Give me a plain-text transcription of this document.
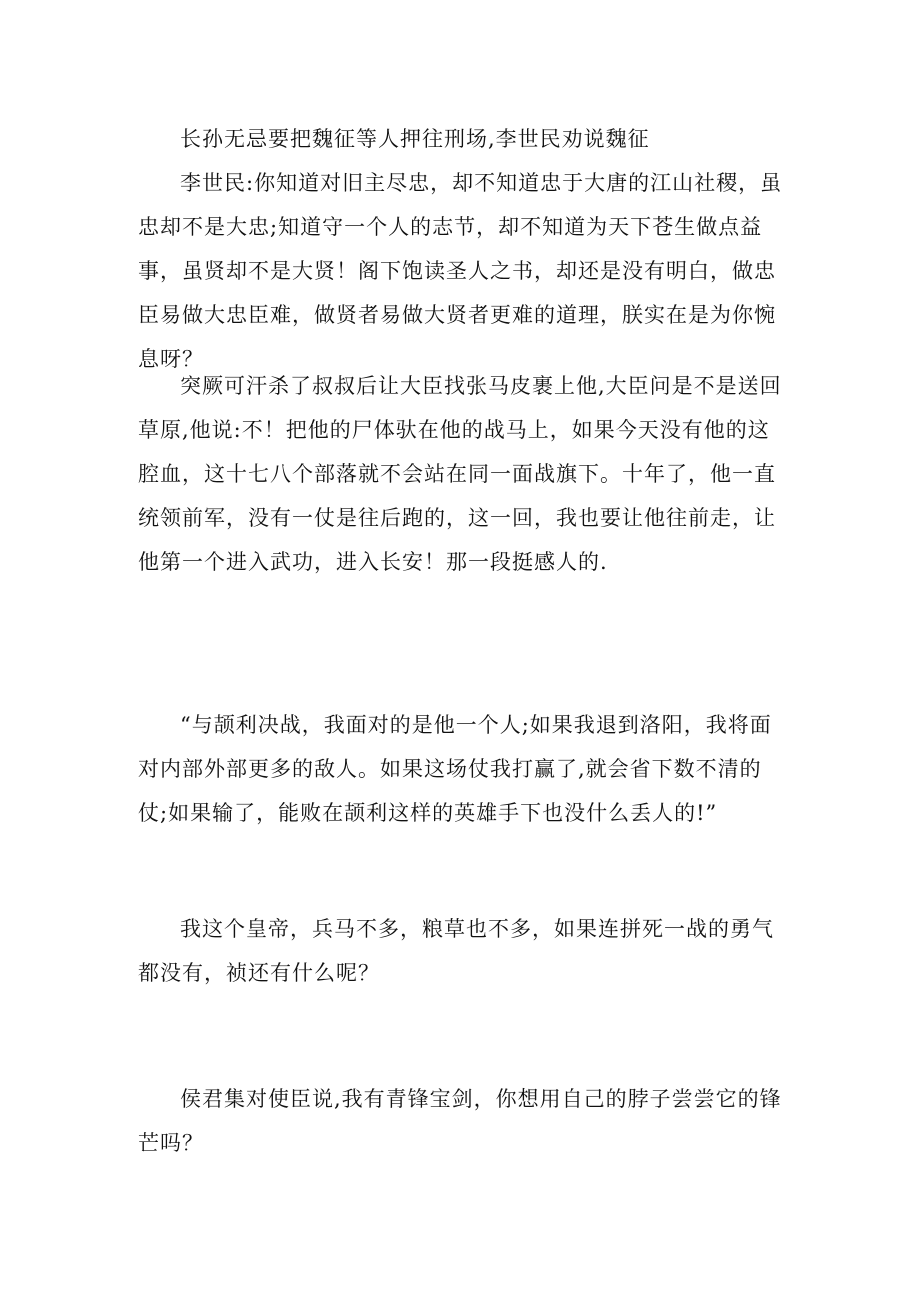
长孙无忌要把魏征等人押往刑场,李世民劝说魏征

李世民:你知道对旧主尽忠，却不知道忠于大唐的江山社稷，虽忠却不是大忠;知道守一个人的志节，却不知道为天下苍生做点益事，虽贤却不是大贤！阁下饱读圣人之书，却还是没有明白，做忠臣易做大忠臣难，做贤者易做大贤者更难的道理，朕实在是为你惋息呀？

突厥可汗杀了叔叔后让大臣找张马皮裹上他,大臣问是不是送回草原,他说:不！把他的尸体驮在他的战马上，如果今天没有他的这腔血，这十七八个部落就不会站在同一面战旗下。十年了，他一直统领前军，没有一仗是往后跑的，这一回，我也要让他往前走，让他第一个进入武功，进入长安！那一段挺感人的.

“与颉利决战，我面对的是他一个人;如果我退到洛阳，我将面对内部外部更多的敌人。如果这场仗我打赢了,就会省下数不清的仗;如果输了，能败在颉利这样的英雄手下也没什么丢人的!”

我这个皇帝，兵马不多，粮草也不多，如果连拼死一战的勇气都没有，祯还有什么呢？

侯君集对使臣说,我有青锋宝剑，你想用自己的脖子尝尝它的锋芒吗？
